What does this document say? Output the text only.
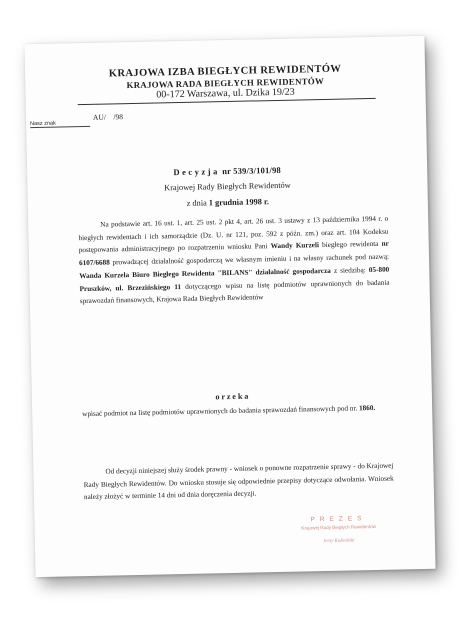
KRAJOWA IZBA BIEGŁYCH REWIDENTÓW
KRAJOWA RADA BIEGŁYCH REWIDENTÓW
00-172 Warszawa, ul. Dzika 19/23
Nasz znak
AU/    /98
D e c y z j a  nr 539/3/101/98
Krajowej Rady Biegłych Rewidentów
z dnia 1 grudnia 1998 r.
Na podstawie art. 16 ust. 1, art. 25 ust. 2 pkt 4, art. 26 ust. 3 ustawy z 13 października 1994 r. o biegłych rewidentach i ich samorządzie (Dz. U. nr 121, poz. 592 z późn. zm.) oraz art. 104 Kodeksu postępowania administracyjnego po rozpatrzeniu wniosku Pani Wandy Kurzeli biegłego rewidenta nr 6107/6688 prowadzącej działalność gospodarczą we własnym imieniu i na własny rachunek pod nazwą: Wanda Kurzela Biuro Biegłego Rewidenta "BILANS" działalność gospodarcza z siedzibą: 05-800 Pruszków, ul. Brzezińskiego 11 dotyczącego wpisu na listę podmiotów uprawnionych do badania sprawozdań finansowych, Krajowa Rada Biegłych Rewidentów
o r z e k a
wpisać podmiot na listę podmiotów uprawnionych do badania sprawozdań finansowych pod nr. 1860.
Od decyzji niniejszej służy środek prawny - wniosek o ponowne rozpatrzenie sprawy - do Krajowej Rady Biegłych Rewidentów. Do wniosku stosuje się odpowiednie przepisy dotyczące odwołania. Wniosek należy złożyć w terminie 14 dni od dnia doręczenia decyzji.
PREZES
Krajowej Rady Biegłych Rewidentów
Jerzy Koźmiński
